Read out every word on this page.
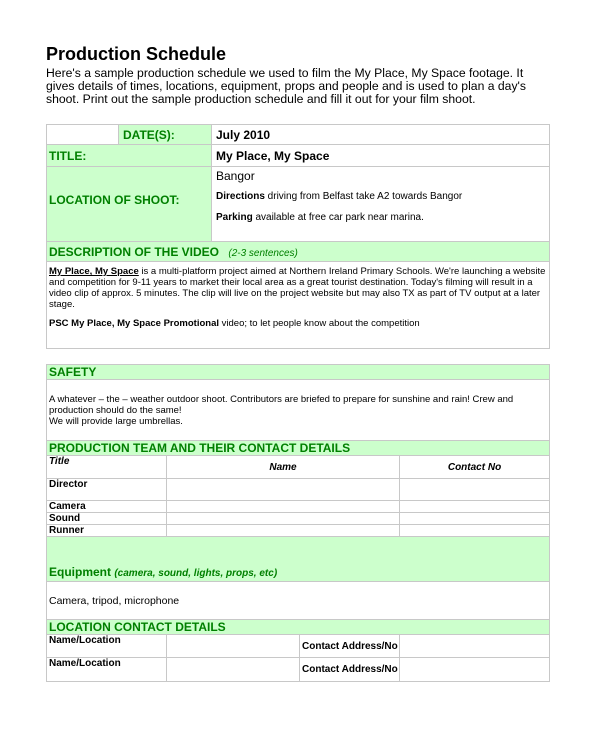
Production Schedule

Here's a sample production schedule we used to film the My Place, My Space footage. It gives details of times, locations, equipment, props and people and is used to plan a day's shoot. Print out the sample production schedule and fill it out for your film shoot.

	DATE(S):	July 2010
TITLE:		My Place, My Space

LOCATION OF SHOOT:		Bangor
Directions driving from Belfast take A2 towards Bangor
Parking available at free car park near marina.

DESCRIPTION OF THE VIDEO (2-3 sentences)		

My Place, My Space is a multi-platform project aimed at Northern Ireland Primary Schools. We're launching a website and competition for 9-11 years to market their local area as a great tourist destination. Today's filming will result in a video clip of approx. 5 minutes. The clip will live on the project website but may also TX as part of TV output at a later stage.
PSC My Place, My Space Promotional video; to let people know about the competition		
SAFETY			

A whatever – the – weather outdoor shoot. Contributors are briefed to prepare for sunshine and rain! Crew and production should do the same!
We will provide large umbrellas.			

PRODUCTION TEAM AND THEIR CONTACT DETAILS			
Title	Name		Contact No
Director			
Camera			
Sound			
Runner			
Equipment (camera, sound, lights, props, etc)			
Camera, tripod, microphone			
LOCATION CONTACT DETAILS			
Name/Location		Contact Address/No	
Name/Location		Contact Address/No	
